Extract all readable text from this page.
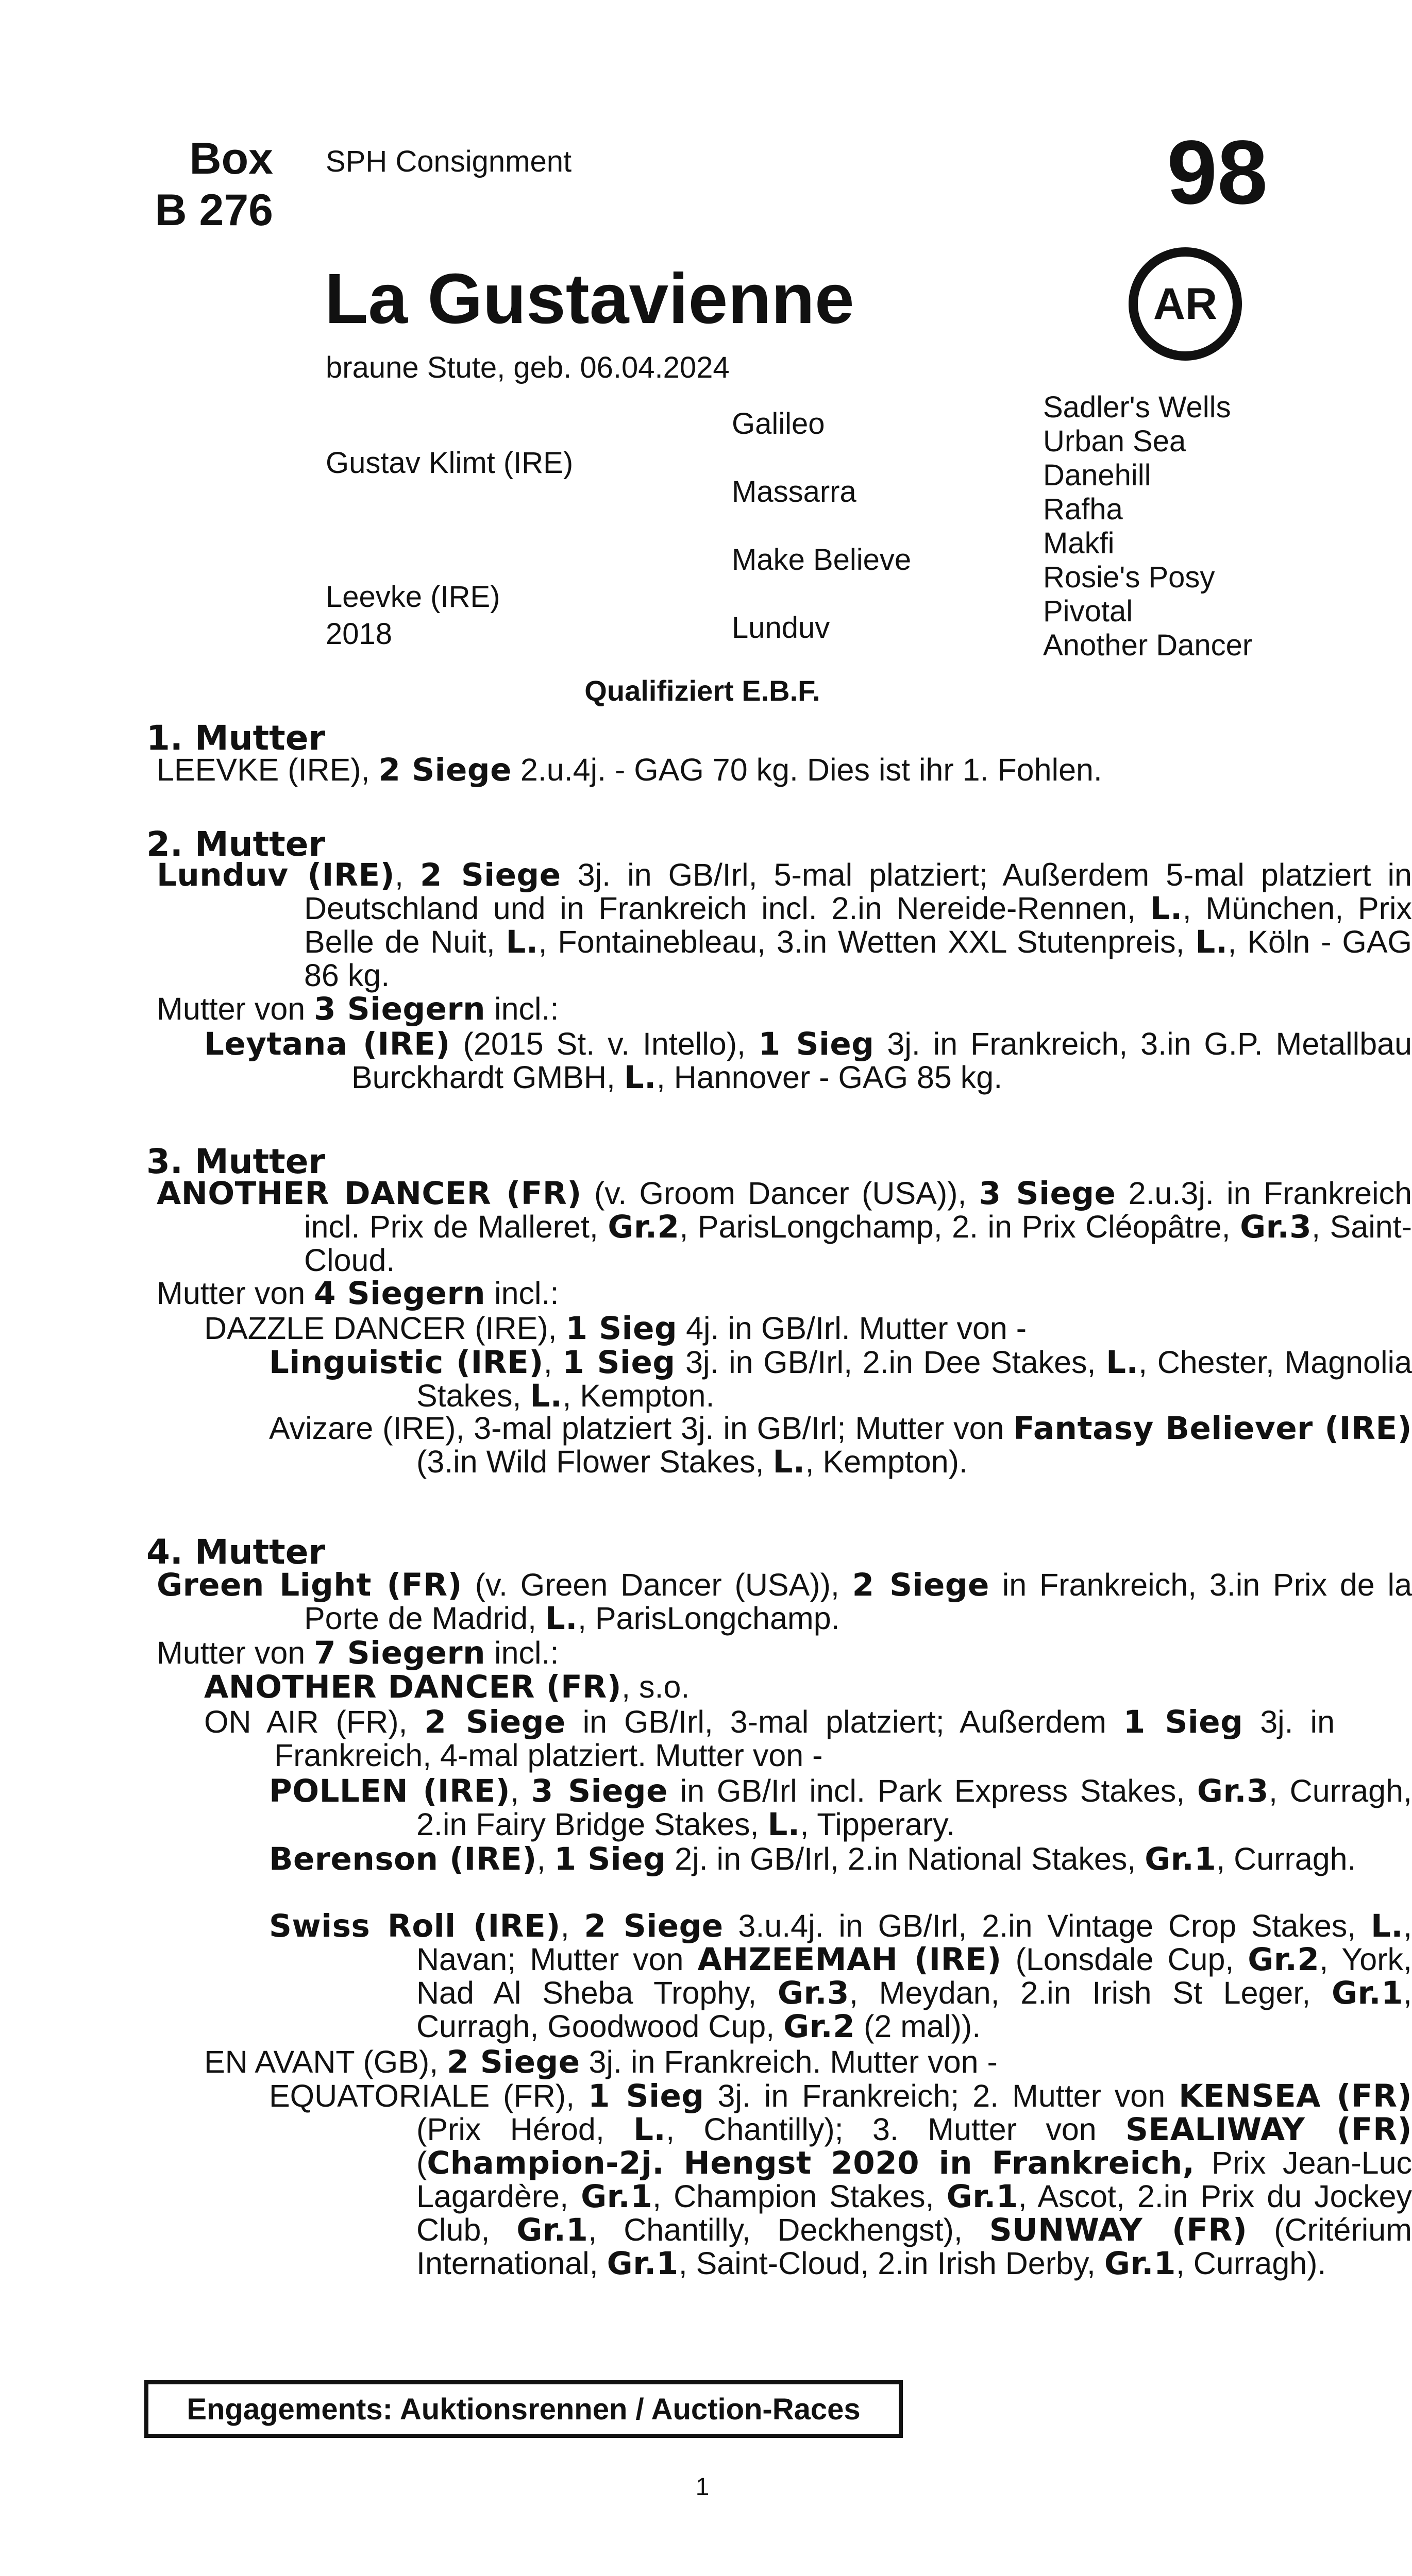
Box
B 276
SPH Consignment	98
AR
La Gustavienne
braune Stute, geb. 06.04.2024
Gustav Klimt (IRE)
Leevke (IRE)
2018
Galileo
Massarra
Make Believe
Lunduv
Sadler's Wells
Urban Sea
Danehill
Rafha
Makfi
Rosie's Posy
Pivotal
Another Dancer
Qualifiziert E.B.F.
1. Mutter
LEEVKE (IRE), 2 Siege 2.u.4j. - GAG 70 kg. Dies ist ihr 1. Fohlen.
2. Mutter
Lunduv (IRE), 2 Siege 3j. in GB/Irl, 5-mal platziert; Außerdem 5-mal platziert in Deutschland und in Frankreich incl. 2.in Nereide-Rennen, L., München, Prix Belle de Nuit, L., Fontainebleau, 3.in Wetten XXL Stutenpreis, L., Köln - GAG 86 kg.
Mutter von 3 Siegern incl.:
Leytana (IRE) (2015 St. v. Intello), 1 Sieg 3j. in Frankreich, 3.in G.P. Metallbau Burckhardt GMBH, L., Hannover - GAG 85 kg.
3. Mutter
ANOTHER DANCER (FR) (v. Groom Dancer (USA)), 3 Siege 2.u.3j. in Frankreich incl. Prix de Malleret, Gr.2, ParisLongchamp, 2. in Prix Cléopâtre, Gr.3, Saint-Cloud.
Mutter von 4 Siegern incl.:
DAZZLE DANCER (IRE), 1 Sieg 4j. in GB/Irl. Mutter von -
Linguistic (IRE), 1 Sieg 3j. in GB/Irl, 2.in Dee Stakes, L., Chester, Magnolia Stakes, L., Kempton.
Avizare (IRE), 3-mal platziert 3j. in GB/Irl; Mutter von Fantasy Believer (IRE) (3.in Wild Flower Stakes, L., Kempton).
4. Mutter
Green Light (FR) (v. Green Dancer (USA)), 2 Siege in Frankreich, 3.in Prix de la Porte de Madrid, L., ParisLongchamp.
Mutter von 7 Siegern incl.:
ANOTHER DANCER (FR), s.o.
ON AIR (FR), 2 Siege in GB/Irl, 3-mal platziert; Außerdem 1 Sieg 3j. in Frankreich, 4-mal platziert. Mutter von -
POLLEN (IRE), 3 Siege in GB/Irl incl. Park Express Stakes, Gr.3, Curragh, 2.in Fairy Bridge Stakes, L., Tipperary.
Berenson (IRE), 1 Sieg 2j. in GB/Irl, 2.in National Stakes, Gr.1, Curragh.
Swiss Roll (IRE), 2 Siege 3.u.4j. in GB/Irl, 2.in Vintage Crop Stakes, L., Navan; Mutter von AHZEEMAH (IRE) (Lonsdale Cup, Gr.2, York, Nad Al Sheba Trophy, Gr.3, Meydan, 2.in Irish St Leger, Gr.1, Curragh, Goodwood Cup, Gr.2 (2 mal)).
EN AVANT (GB), 2 Siege 3j. in Frankreich. Mutter von -
EQUATORIALE (FR), 1 Sieg 3j. in Frankreich; 2. Mutter von KENSEA (FR) (Prix Hérod, L., Chantilly); 3. Mutter von SEALIWAY (FR) (Champion-2j. Hengst 2020 in Frankreich, Prix Jean-Luc Lagardère, Gr.1, Champion Stakes, Gr.1, Ascot, 2.in Prix du Jockey Club, Gr.1, Chantilly, Deckhengst), SUNWAY (FR) (Critérium International, Gr.1, Saint-Cloud, 2.in Irish Derby, Gr.1, Curragh).
Engagements: Auktionsrennen / Auction-Races
1
